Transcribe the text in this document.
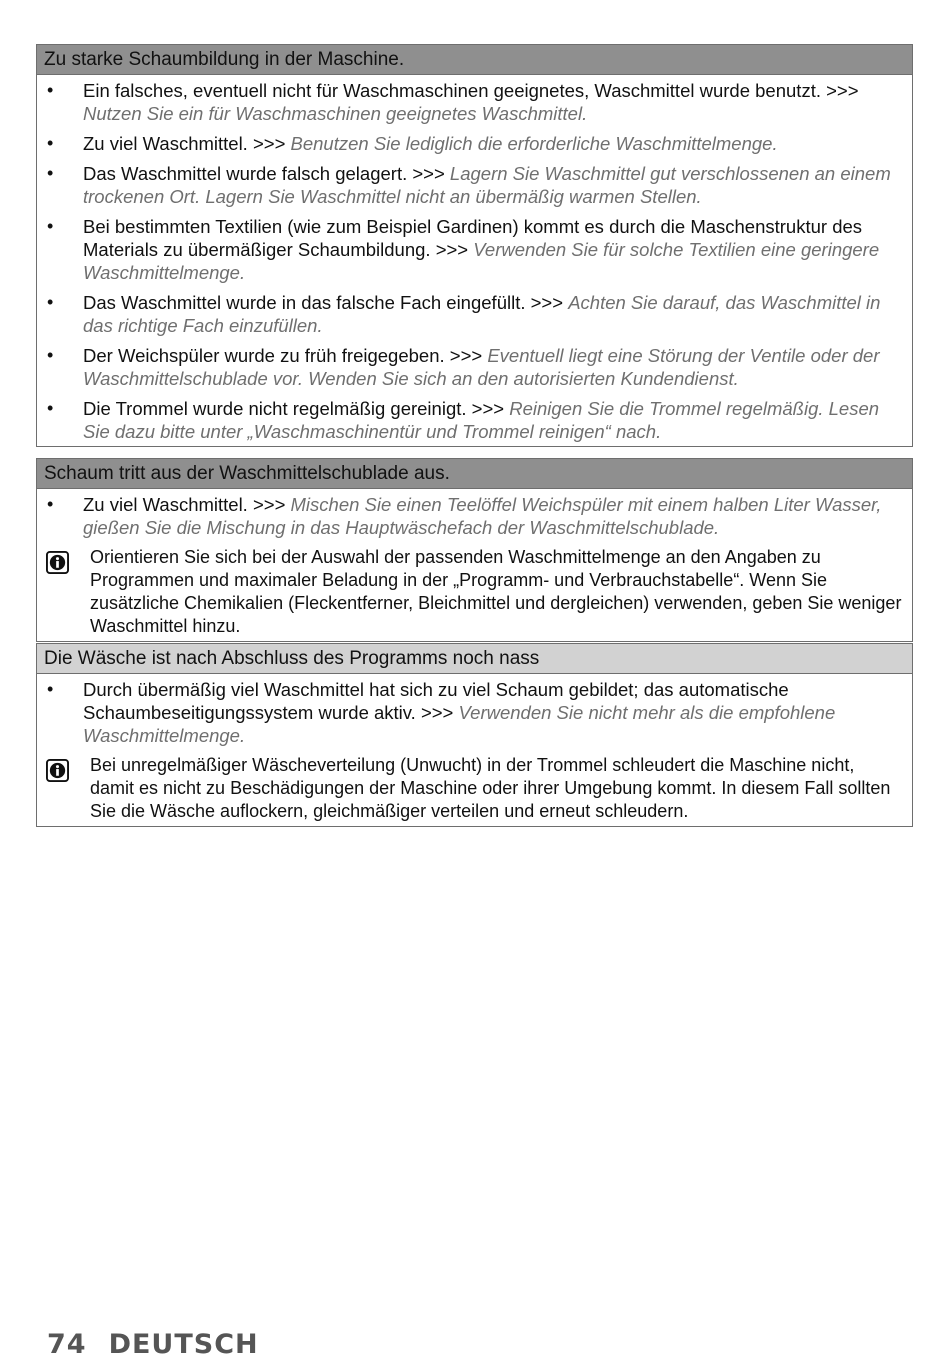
Zu starke Schaumbildung in der Maschine.
• Ein falsches, eventuell nicht für Waschmaschinen geeignetes, Waschmittel wurde benutzt. >>> Nutzen Sie ein für Waschmaschinen geeignetes Waschmittel.
• Zu viel Waschmittel. >>> Benutzen Sie lediglich die erforderliche Waschmittelmenge.
• Das Waschmittel wurde falsch gelagert. >>> Lagern Sie Waschmittel gut verschlossenen an einem trockenen Ort. Lagern Sie Waschmittel nicht an übermäßig warmen Stellen.
• Bei bestimmten Textilien (wie zum Beispiel Gardinen) kommt es durch die Maschenstruktur des Materials zu übermäßiger Schaumbildung. >>> Verwenden Sie für solche Textilien eine geringere Waschmittelmenge.
• Das Waschmittel wurde in das falsche Fach eingefüllt. >>> Achten Sie darauf, das Waschmittel in das richtige Fach einzufüllen.
• Der Weichspüler wurde zu früh freigegeben. >>> Eventuell liegt eine Störung der Ventile oder der Waschmittelschublade vor. Wenden Sie sich an den autorisierten Kundendienst.
• Die Trommel wurde nicht regelmäßig gereinigt. >>> Reinigen Sie die Trommel regelmäßig. Lesen Sie dazu bitte unter „Waschmaschinentür und Trommel reinigen“ nach.
Schaum tritt aus der Waschmittelschublade aus.
• Zu viel Waschmittel. >>> Mischen Sie einen Teelöffel Weichspüler mit einem halben Liter Wasser, gießen Sie die Mischung in das Hauptwäschefach der Waschmittelschublade.
Orientieren Sie sich bei der Auswahl der passenden Waschmittelmenge an den Angaben zu Programmen und maximaler Beladung in der „Programm- und Verbrauchstabelle“. Wenn Sie zusätzliche Chemikalien (Fleckentferner, Bleichmittel und dergleichen) verwenden, geben Sie weniger Waschmittel hinzu.
Die Wäsche ist nach Abschluss des Programms noch nass
• Durch übermäßig viel Waschmittel hat sich zu viel Schaum gebildet; das automatische Schaumbeseitigungssystem wurde aktiv. >>> Verwenden Sie nicht mehr als die empfohlene Waschmittelmenge.
Bei unregelmäßiger Wäscheverteilung (Unwucht) in der Trommel schleudert die Maschine nicht, damit es nicht zu Beschädigungen der Maschine oder ihrer Umgebung kommt. In diesem Fall sollten Sie die Wäsche auflockern, gleichmäßiger verteilen und erneut schleudern.
74 DEUTSCH
